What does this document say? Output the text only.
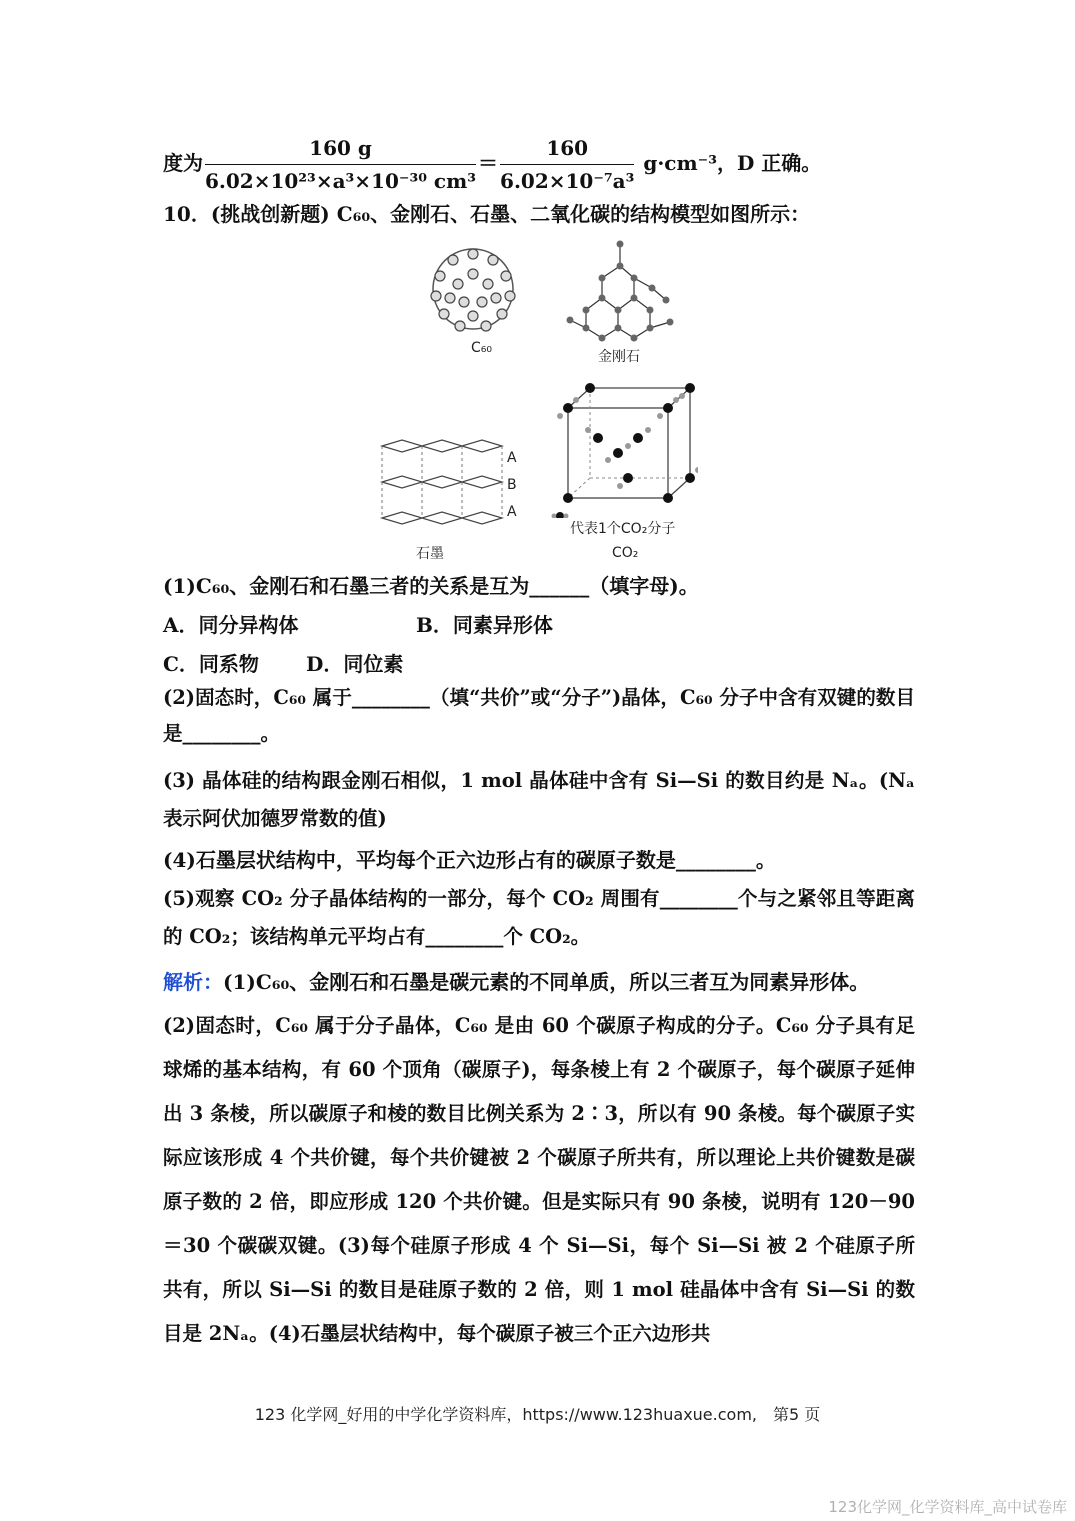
度为 $\frac{160 g}{\text{6.02×10²³×a³×10⁻³⁰ cm³}} = \frac{160}{\text{6.02×10⁻⁷a³}} g\cdot cm^{-3}$，D 正确。
10．(挑战创新题) C₆₀、金刚石、石墨、二氧化碳的结构模型如图所示：
C₆₀
金刚石
A
B
A
石墨
代表1个CO₂分子
CO₂
(1)C₆₀、金刚石和石墨三者的关系是互为______（填字母)。
A．同分异构体	B．同素异形体
C．同系物 D．同位素
(2)固态时，C₆₀ 属于________（填“共价”或“分子”)晶体，C₆₀ 分子中含有双键的数目是________。
(3) 晶体硅的结构跟金刚石相似，1 mol 晶体硅中含有 Si—Si 的数目约是 Nₐ。(Nₐ 表示阿伏加德罗常数的值)
(4)石墨层状结构中，平均每个正六边形占有的碳原子数是________。
(5)观察 CO₂ 分子晶体结构的一部分，每个 CO₂ 周围有________个与之紧邻且等距离的 CO₂；该结构单元平均占有________个 CO₂。
解析：(1)C₆₀、金刚石和石墨是碳元素的不同单质，所以三者互为同素异形体。
(2)固态时，C₆₀ 属于分子晶体，C₆₀ 是由 60 个碳原子构成的分子。C₆₀ 分子具有足球烯的基本结构，有 60 个顶角（碳原子)，每条棱上有 2 个碳原子，每个碳原子延伸出 3 条棱，所以碳原子和棱的数目比例关系为 2∶3，所以有 90 条棱。每个碳原子实际应该形成 4 个共价键，每个共价键被 2 个碳原子所共有，所以理论上共价键数是碳原子数的 2 倍，即应形成 120 个共价键。但是实际只有 90 条棱，说明有 120－90＝30 个碳碳双键。(3)每个硅原子形成 4 个 Si—Si，每个 Si—Si 被 2 个硅原子所共有，所以 Si—Si 的数目是硅原子数的 2 倍，则 1 mol 硅晶体中含有 Si—Si 的数目是 2Nₐ。(4)石墨层状结构中，每个碳原子被三个正六边形共
123 化学网_好用的中学化学资料库，https://www.123huaxue.com,　第5 页
123化学网_化学资料库_高中试卷库
